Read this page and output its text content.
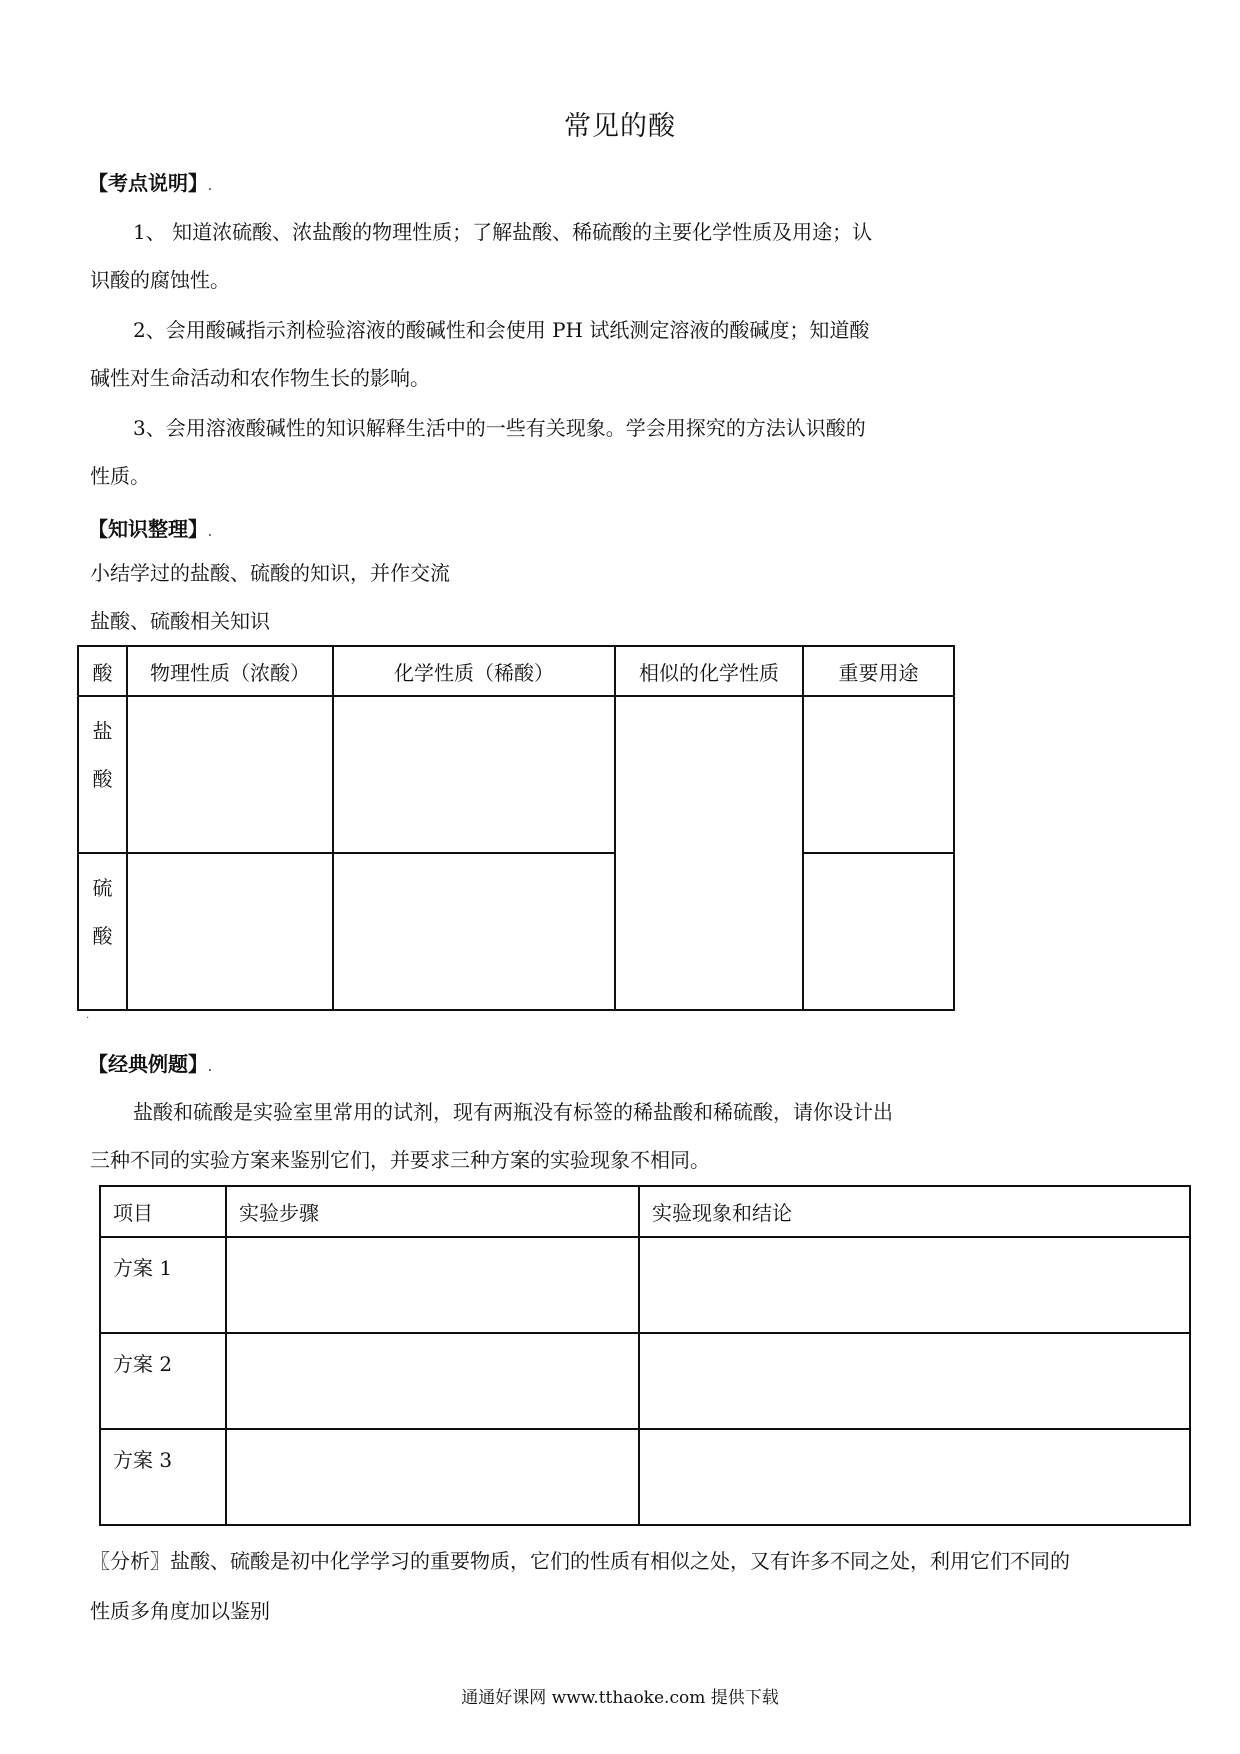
常见的酸
【考点说明】.
1、 知道浓硫酸、浓盐酸的物理性质；了解盐酸、稀硫酸的主要化学性质及用途；认
识酸的腐蚀性。
2、会用酸碱指示剂检验溶液的酸碱性和会使用 PH 试纸测定溶液的酸碱度；知道酸
碱性对生命活动和农作物生长的影响。
3、会用溶液酸碱性的知识解释生活中的一些有关现象。学会用探究的方法认识酸的
性质。
【知识整理】.
小结学过的盐酸、硫酸的知识，并作交流
盐酸、硫酸相关知识
酸	物理性质（浓酸）	化学性质（稀酸）	相似的化学性质	重要用途

盐
酸				

硫
酸				

.
【经典例题】.
盐酸和硫酸是实验室里常用的试剂，现有两瓶没有标签的稀盐酸和稀硫酸，请你设计出
三种不同的实验方案来鉴别它们，并要求三种方案的实验现象不相同。
项目	实验步骤	实验现象和结论
方案 1		
方案 2		
方案 3		
〖分析〗盐酸、硫酸是初中化学学习的重要物质，它们的性质有相似之处，又有许多不同之处，利用它们不同的
性质多角度加以鉴别
通通好课网 www.tthaoke.com 提供下载
